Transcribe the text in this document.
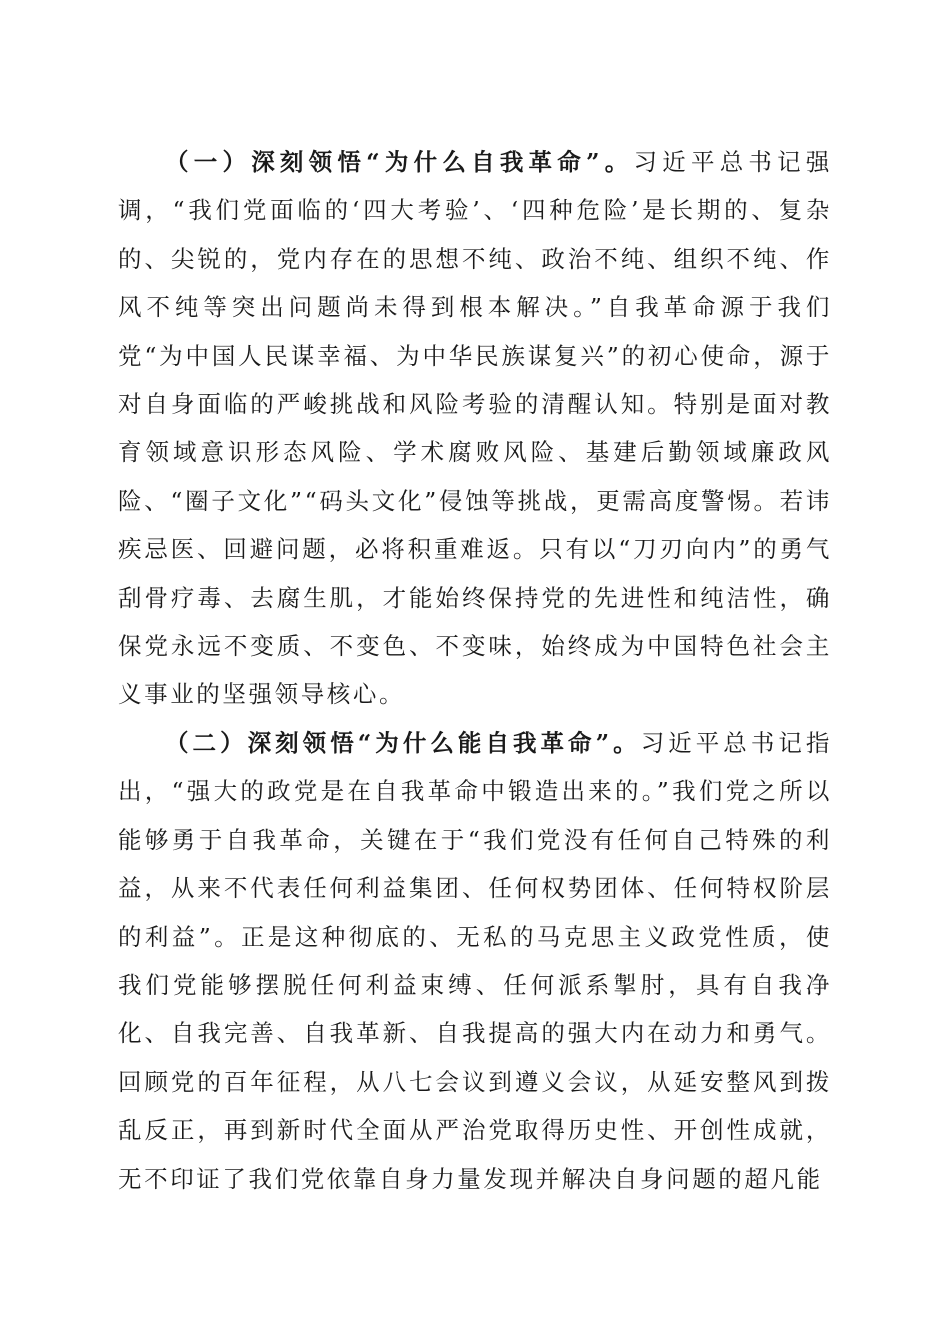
（一）深刻领悟“为什么自我革命”。习近平总书记强调，“我们党面临的‘四大考验’、‘四种危险’是长期的、复杂的、尖锐的，党内存在的思想不纯、政治不纯、组织不纯、作风不纯等突出问题尚未得到根本解决。”自我革命源于我们党“为中国人民谋幸福、为中华民族谋复兴”的初心使命，源于对自身面临的严峻挑战和风险考验的清醒认知。特别是面对教育领域意识形态风险、学术腐败风险、基建后勤领域廉政风险、“圈子文化”“码头文化”侵蚀等挑战，更需高度警惕。若讳疾忌医、回避问题，必将积重难返。只有以“刀刃向内”的勇气刮骨疗毒、去腐生肌，才能始终保持党的先进性和纯洁性，确保党永远不变质、不变色、不变味，始终成为中国特色社会主义事业的坚强领导核心。

（二）深刻领悟“为什么能自我革命”。习近平总书记指出，“强大的政党是在自我革命中锻造出来的。”我们党之所以能够勇于自我革命，关键在于“我们党没有任何自己特殊的利益，从来不代表任何利益集团、任何权势团体、任何特权阶层的利益”。正是这种彻底的、无私的马克思主义政党性质，使我们党能够摆脱任何利益束缚、任何派系掣肘，具有自我净化、自我完善、自我革新、自我提高的强大内在动力和勇气。回顾党的百年征程，从八七会议到遵义会议，从延安整风到拨乱反正，再到新时代全面从严治党取得历史性、开创性成就，无不印证了我们党依靠自身力量发现并解决自身问题的超凡能
